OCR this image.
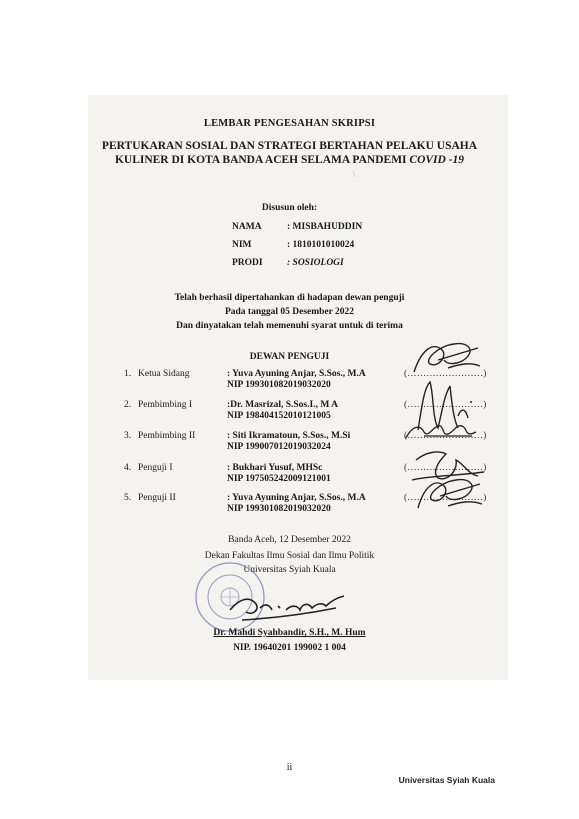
LEMBAR PENGESAHAN SKRIPSI
PERTUKARAN SOSIAL DAN STRATEGI BERTAHAN PELAKU USAHA
KULINER DI KOTA BANDA ACEH SELAMA PANDEMI COVID -19
\
Disusun oleh:
NAMA	: MISBAHUDDIN
NIM	: 1810101010024
PRODI	: SOSIOLOGI
Telah berhasil dipertahankan di hadapan dewan penguji
Pada tanggal 05 Desember 2022
Dan dinyatakan telah memenuhi syarat untuk di terima
DEWAN PENGUJI
1. Ketua Sidang	: Yuva Ayuning Anjar, S.Sos., M.A
NIP 199301082019032020
(……………………)
2. Pembimbing I	:Dr. Masrizal, S.Sos.I., M A
NIP 198404152010121005
(……………………)
3. Pembimbing II	: Siti Ikramatoun, S.Sos., M.Si
NIP 199007012019032024
(……………………)
4. Penguji I	: Bukhari Yusuf, MHSc
NIP 197505242009121001
(……………………)
5. Penguji II	: Yuva Ayuning Anjar, S.Sos., M.A
NIP 199301082019032020
(……………………)
Banda Aceh, 12 Desember 2022
Dekan Fakultas Ilmu Sosial dan Ilmu Politik
Universitas Syiah Kuala
Dr. Mahdi Syahbandir, S.H., M. Hum
NIP. 19640201 199002 1 004
ii
Universitas Syiah Kuala
